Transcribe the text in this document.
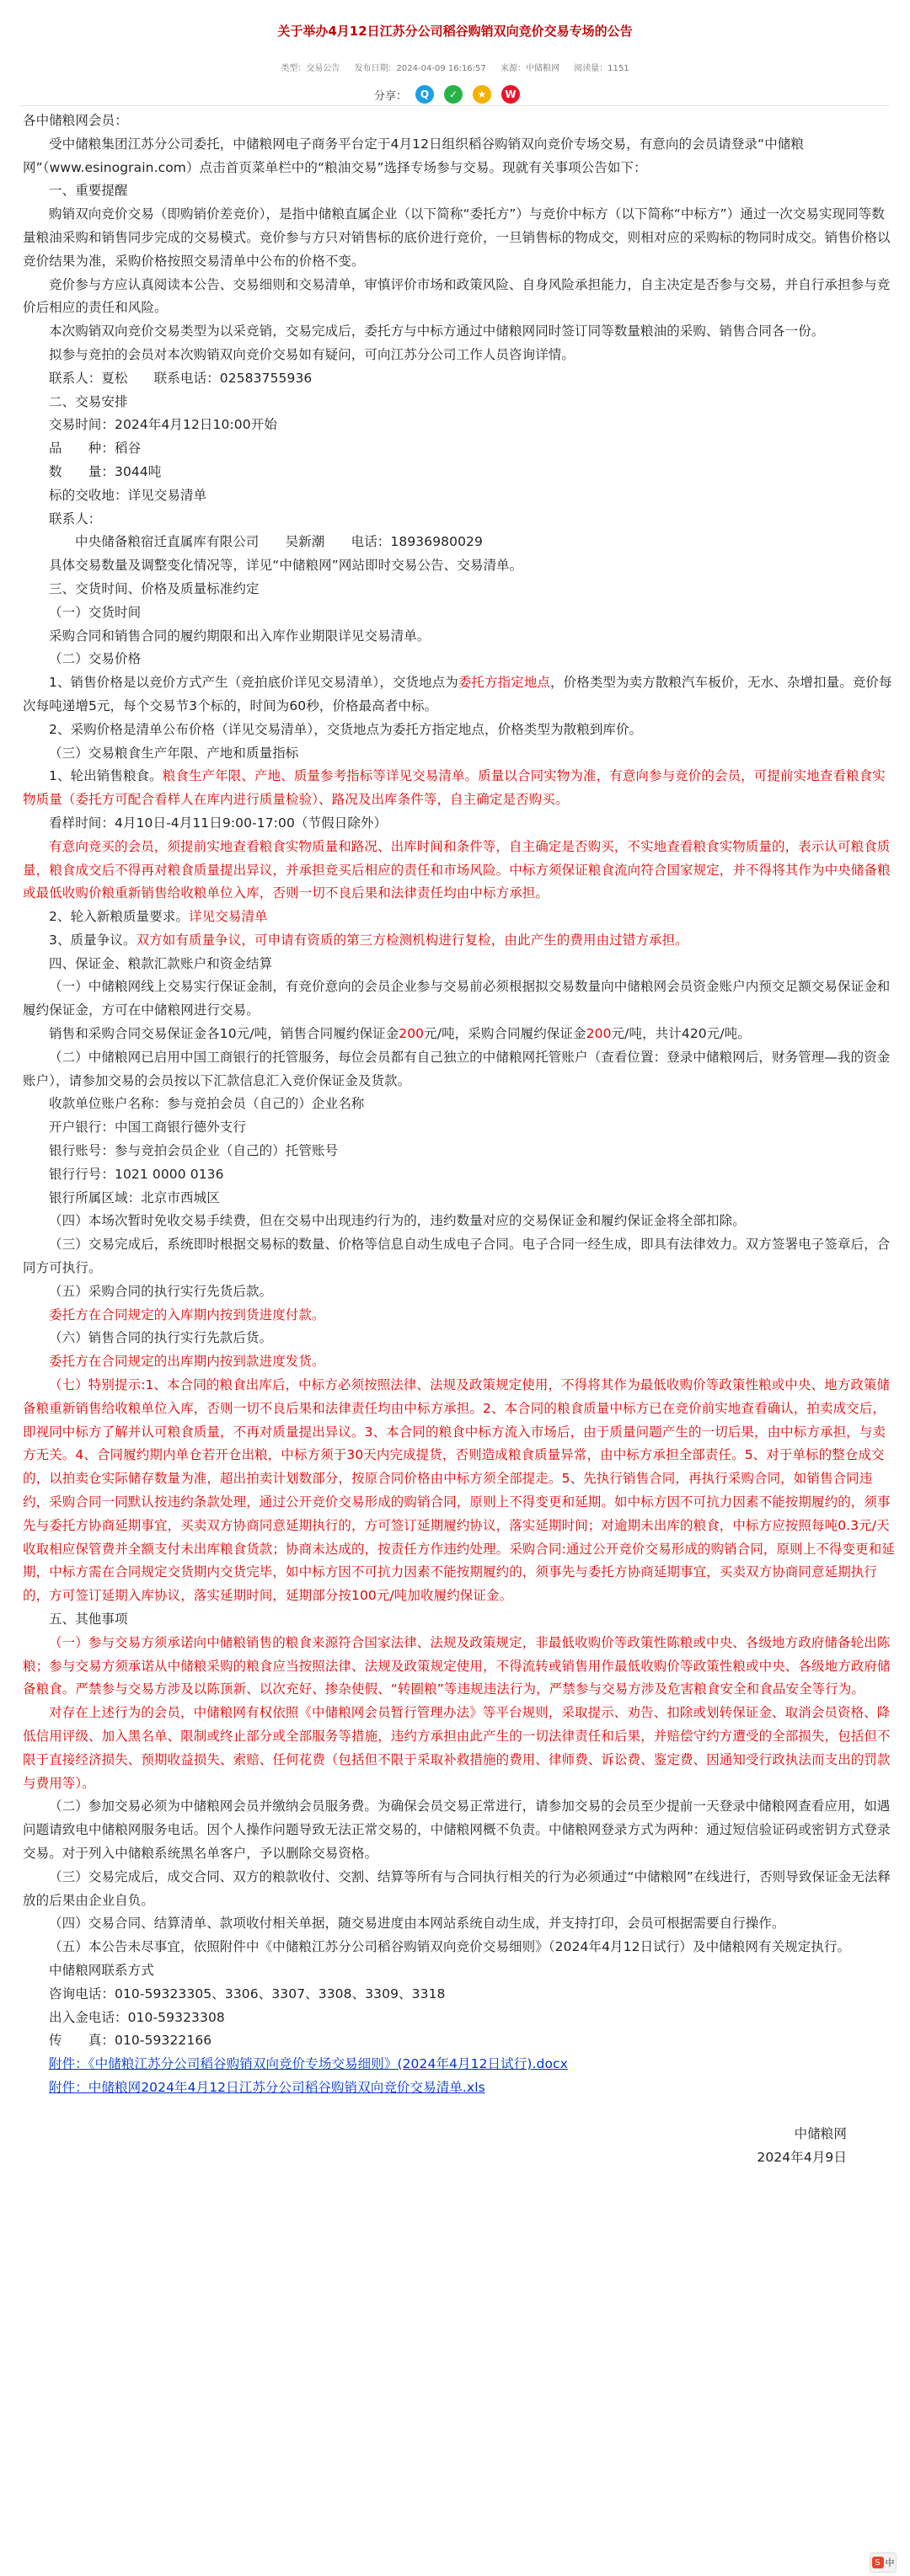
关于举办4月12日江苏分公司稻谷购销双向竞价交易专场的公告
类型：交易公告 发布日期：2024-04-09 16:16:57 来源：中储粮网 阅读量：1151
分享：	Q	✓	★	W

各中储粮网会员：

受中储粮集团江苏分公司委托，中储粮网电子商务平台定于4月12日组织稻谷购销双向竞价专场交易，有意向的会员请登录“中储粮网”（www.esinograin.com）点击首页菜单栏中的“粮油交易”选择专场参与交易。现就有关事项公告如下：

一、重要提醒

购销双向竞价交易（即购销价差竞价），是指中储粮直属企业（以下简称“委托方”）与竞价中标方（以下简称“中标方”）通过一次交易实现同等数量粮油采购和销售同步完成的交易模式。竞价参与方只对销售标的底价进行竞价，一旦销售标的物成交，则相对应的采购标的物同时成交。销售价格以竞价结果为准，采购价格按照交易清单中公布的价格不变。

竞价参与方应认真阅读本公告、交易细则和交易清单，审慎评价市场和政策风险、自身风险承担能力，自主决定是否参与交易，并自行承担参与竞价后相应的责任和风险。

本次购销双向竞价交易类型为以采竞销，交易完成后，委托方与中标方通过中储粮网同时签订同等数量粮油的采购、销售合同各一份。

拟参与竞拍的会员对本次购销双向竞价交易如有疑问，可向江苏分公司工作人员咨询详情。

联系人：夏松　　联系电话：02583755936

二、交易安排

交易时间：2024年4月12日10:00开始

品　　种：稻谷

数　　量：3044吨

标的交收地：详见交易清单

联系人：

中央储备粮宿迁直属库有限公司　　吴新潮　　电话：18936980029

具体交易数量及调整变化情况等，详见“中储粮网”网站即时交易公告、交易清单。

三、交货时间、价格及质量标准约定

（一）交货时间

采购合同和销售合同的履约期限和出入库作业期限详见交易清单。

（二）交易价格

1、销售价格是以竞价方式产生（竞拍底价详见交易清单），交货地点为委托方指定地点，价格类型为卖方散粮汽车板价，无水、杂增扣量。竞价每次每吨递增5元，每个交易节3个标的，时间为60秒，价格最高者中标。

2、采购价格是清单公布价格（详见交易清单），交货地点为委托方指定地点，价格类型为散粮到库价。

（三）交易粮食生产年限、产地和质量指标

1、轮出销售粮食。粮食生产年限、产地、质量参考指标等详见交易清单。质量以合同实物为准，有意向参与竞价的会员，可提前实地查看粮食实物质量（委托方可配合看样人在库内进行质量检验）、路况及出库条件等，自主确定是否购买。

看样时间：4月10日-4月11日9:00-17:00（节假日除外）

有意向竞买的会员，须提前实地查看粮食实物质量和路况、出库时间和条件等，自主确定是否购买，不实地查看粮食实物质量的，表示认可粮食质量，粮食成交后不得再对粮食质量提出异议，并承担竞买后相应的责任和市场风险。中标方须保证粮食流向符合国家规定，并不得将其作为中央储备粮或最低收购价粮重新销售给收粮单位入库，否则一切不良后果和法律责任均由中标方承担。

2、轮入新粮质量要求。详见交易清单

3、质量争议。双方如有质量争议，可申请有资质的第三方检测机构进行复检，由此产生的费用由过错方承担。

四、保证金、粮款汇款账户和资金结算

（一）中储粮网线上交易实行保证金制，有竞价意向的会员企业参与交易前必须根据拟交易数量向中储粮网会员资金账户内预交足额交易保证金和履约保证金，方可在中储粮网进行交易。

销售和采购合同交易保证金各10元/吨，销售合同履约保证金200元/吨，采购合同履约保证金200元/吨，共计420元/吨。

（二）中储粮网已启用中国工商银行的托管服务，每位会员都有自己独立的中储粮网托管账户（查看位置：登录中储粮网后，财务管理—我的资金账户），请参加交易的会员按以下汇款信息汇入竞价保证金及货款。

收款单位账户名称：参与竞拍会员（自己的）企业名称

开户银行：中国工商银行德外支行

银行账号：参与竞拍会员企业（自己的）托管账号

银行行号：1021 0000 0136

银行所属区域：北京市西城区

（四）本场次暂时免收交易手续费，但在交易中出现违约行为的，违约数量对应的交易保证金和履约保证金将全部扣除。

（三）交易完成后，系统即时根据交易标的数量、价格等信息自动生成电子合同。电子合同一经生成，即具有法律效力。双方签署电子签章后，合同方可执行。

（五）采购合同的执行实行先货后款。

委托方在合同规定的入库期内按到货进度付款。

（六）销售合同的执行实行先款后货。

委托方在合同规定的出库期内按到款进度发货。

（七）特别提示:1、本合同的粮食出库后，中标方必须按照法律、法规及政策规定使用，不得将其作为最低收购价等政策性粮或中央、地方政策储备粮重新销售给收粮单位入库，否则一切不良后果和法律责任均由中标方承担。2、本合同的粮食质量中标方已在竞价前实地查看确认，拍卖成交后，即视同中标方了解并认可粮食质量，不再对质量提出异议。3、本合同的粮食中标方流入市场后，由于质量问题产生的一切后果，由中标方承担，与卖方无关。4、合同履约期内单仓若开仓出粮，中标方须于30天内完成提货，否则造成粮食质量异常，由中标方承担全部责任。5、对于单标的整仓成交的，以拍卖仓实际储存数量为准，超出拍卖计划数部分，按原合同价格由中标方须全部提走。5、先执行销售合同，再执行采购合同，如销售合同违约，采购合同一同默认按违约条款处理，通过公开竞价交易形成的购销合同，原则上不得变更和延期。如中标方因不可抗力因素不能按期履约的，须事先与委托方协商延期事宜，买卖双方协商同意延期执行的，方可签订延期履约协议，落实延期时间；对逾期未出库的粮食，中标方应按照每吨0.3元/天收取相应保管费并全额支付未出库粮食货款；协商未达成的，按责任方作违约处理。采购合同:通过公开竞价交易形成的购销合同，原则上不得变更和延期，中标方需在合同规定交货期内交货完毕，如中标方因不可抗力因素不能按期履约的，须事先与委托方协商延期事宜，买卖双方协商同意延期执行的，方可签订延期入库协议，落实延期时间，延期部分按100元/吨加收履约保证金。

五、其他事项

（一）参与交易方须承诺向中储粮销售的粮食来源符合国家法律、法规及政策规定，非最低收购价等政策性陈粮或中央、各级地方政府储备轮出陈粮；参与交易方须承诺从中储粮采购的粮食应当按照法律、法规及政策规定使用，不得流转或销售用作最低收购价等政策性粮或中央、各级地方政府储备粮食。严禁参与交易方涉及以陈顶新、以次充好、掺杂使假、“转圈粮”等违规违法行为，严禁参与交易方涉及危害粮食安全和食品安全等行为。

对存在上述行为的会员，中储粮网有权依照《中储粮网会员暂行管理办法》等平台规则，采取提示、劝告、扣除或划转保证金、取消会员资格、降低信用评级、加入黑名单、限制或终止部分或全部服务等措施，违约方承担由此产生的一切法律责任和后果，并赔偿守约方遭受的全部损失，包括但不限于直接经济损失、预期收益损失、索赔、任何花费（包括但不限于采取补救措施的费用、律师费、诉讼费、鉴定费、因通知受行政执法而支出的罚款与费用等）。

（二）参加交易必须为中储粮网会员并缴纳会员服务费。为确保会员交易正常进行，请参加交易的会员至少提前一天登录中储粮网查看应用，如遇问题请致电中储粮网服务电话。因个人操作问题导致无法正常交易的，中储粮网概不负责。中储粮网登录方式为两种：通过短信验证码或密钥方式登录交易。对于列入中储粮系统黑名单客户，予以删除交易资格。

（三）交易完成后，成交合同、双方的粮款收付、交割、结算等所有与合同执行相关的行为必须通过“中储粮网”在线进行，否则导致保证金无法释放的后果由企业自负。

（四）交易合同、结算清单、款项收付相关单据，随交易进度由本网站系统自动生成，并支持打印，会员可根据需要自行操作。

（五）本公告未尽事宜，依照附件中《中储粮江苏分公司稻谷购销双向竞价交易细则》（2024年4月12日试行）及中储粮网有关规定执行。

中储粮网联系方式

咨询电话：010-59323305、3306、3307、3308、3309、3318

出入金电话：010-59323308

传　　真：010-59322166

附件：《中储粮江苏分公司稻谷购销双向竞价专场交易细则》(2024年4月12日试行).docx

附件：中储粮网2024年4月12日江苏分公司稻谷购销双向竞价交易清单.xls

中储粮网

2024年4月9日

S 中
